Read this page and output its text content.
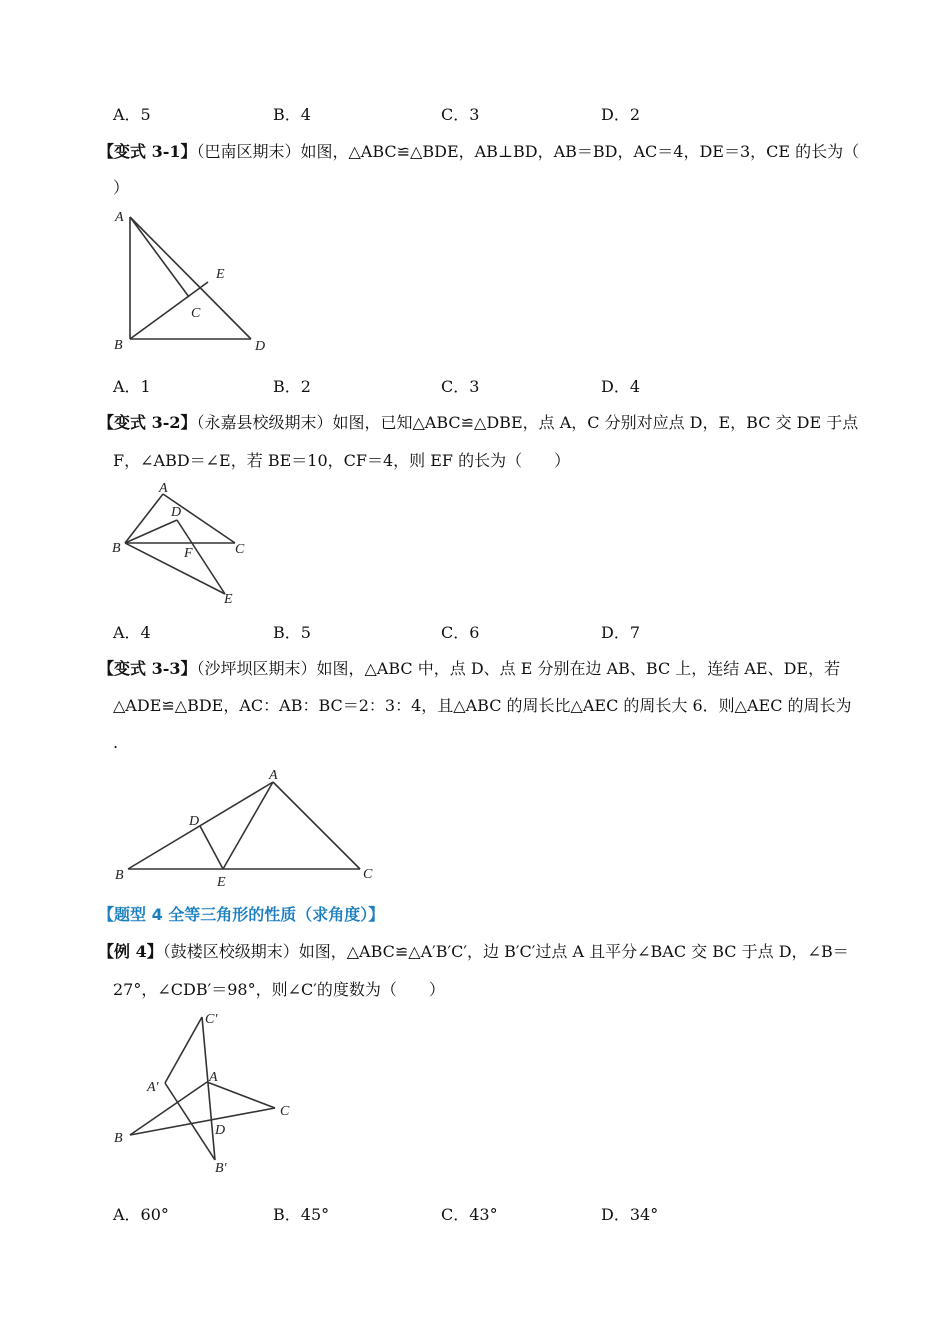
A．5	B．4	C．3	D．2
【变式 3-1】（巴南区期末）如图，△ABC≌△BDE，AB⊥BD，AB＝BD，AC＝4，DE＝3，CE 的长为（
）
A
B
C
D
E
A．1	B．2	C．3	D．4
【变式 3-2】（永嘉县校级期末）如图，已知△ABC≌△DBE，点 A，C 分别对应点 D，E，BC 交 DE 于点
F，∠ABD＝∠E，若 BE＝10，CF＝4，则 EF 的长为（　　）
A
B	C
D
E
F
A．4	B．5	C．6	D．7
【变式 3-3】（沙坪坝区期末）如图，△ABC 中，点 D、点 E 分别在边 AB、BC 上，连结 AE、DE，若
△ADE≌△BDE，AC：AB：BC＝2：3：4，且△ABC 的周长比△AEC 的周长大 6．则△AEC 的周长为
.
A
B	C
D
E
【题型 4 全等三角形的性质（求角度）】
【例 4】（鼓楼区校级期末）如图，△ABC≌△A′B′C′，边 B′C′过点 A 且平分∠BAC 交 BC 于点 D，∠B＝
27°，∠CDB′＝98°，则∠C′的度数为（　　）
C′
A′
A
B
C
D
B′
A．60°	B．45°	C．43°	D．34°
